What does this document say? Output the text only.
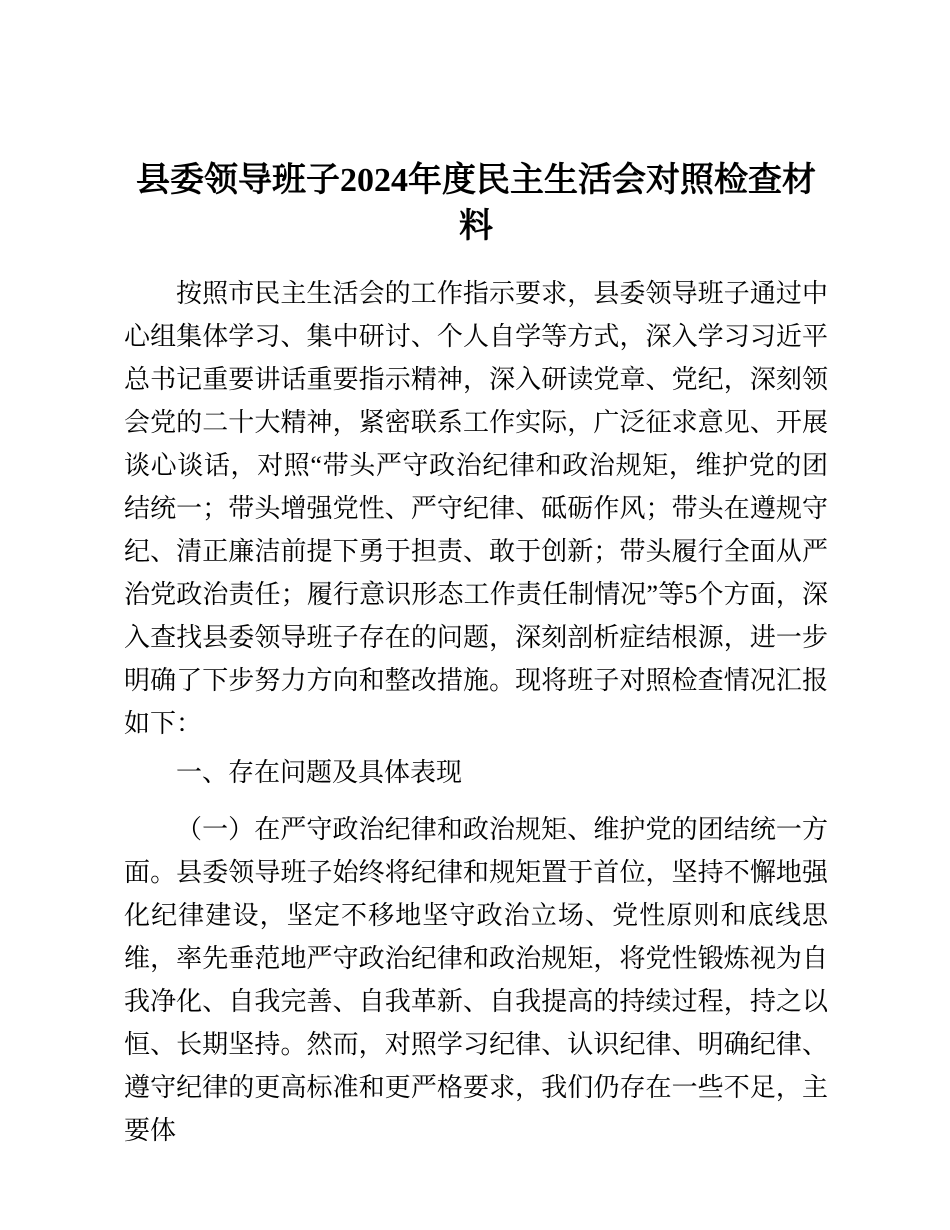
县委领导班子2024年度民主生活会对照检查材料

按照市民主生活会的工作指示要求，县委领导班子通过中心组集体学习、集中研讨、个人自学等方式，深入学习习近平总书记重要讲话重要指示精神，深入研读党章、党纪，深刻领会党的二十大精神，紧密联系工作实际，广泛征求意见、开展谈心谈话，对照“带头严守政治纪律和政治规矩，维护党的团结统一；带头增强党性、严守纪律、砥砺作风；带头在遵规守纪、清正廉洁前提下勇于担责、敢于创新；带头履行全面从严治党政治责任；履行意识形态工作责任制情况”等5个方面，深入查找县委领导班子存在的问题，深刻剖析症结根源，进一步明确了下步努力方向和整改措施。现将班子对照检查情况汇报如下：

一、存在问题及具体表现

（一）在严守政治纪律和政治规矩、维护党的团结统一方面。县委领导班子始终将纪律和规矩置于首位，坚持不懈地强化纪律建设，坚定不移地坚守政治立场、党性原则和底线思维，率先垂范地严守政治纪律和政治规矩，将党性锻炼视为自我净化、自我完善、自我革新、自我提高的持续过程，持之以恒、长期坚持。然而，对照学习纪律、认识纪律、明确纪律、遵守纪律的更高标准和更严格要求，我们仍存在一些不足，主要体
